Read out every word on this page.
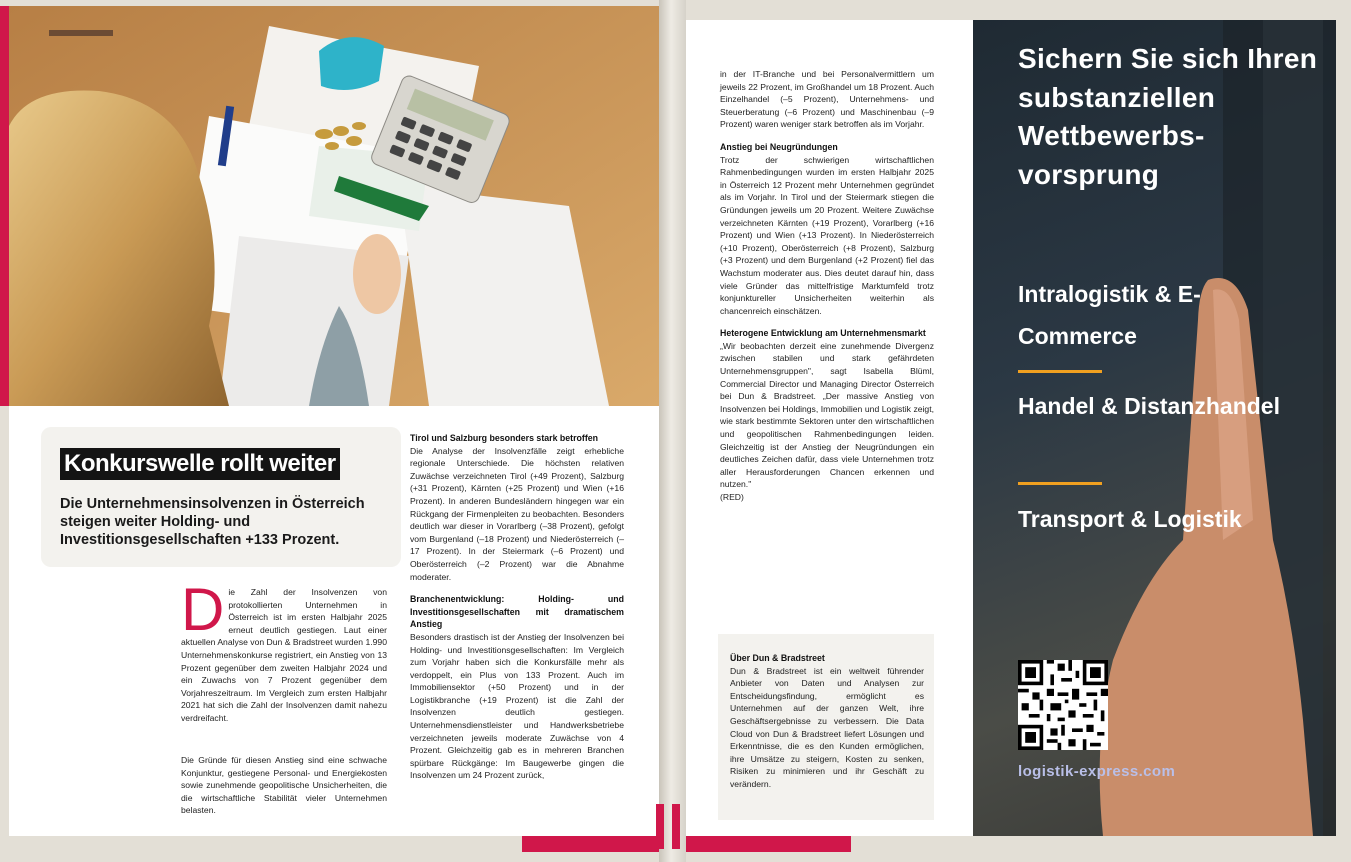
Konkurswelle rollt weiter
Die Unternehmensinsolvenzen in Österreich steigen weiter Holding- und Investitionsgesellschaften +133 Prozent.

Die Zahl der Insolvenzen von protokollierten Unternehmen in Österreich ist im ersten Halbjahr 2025 erneut deutlich gestiegen. Laut einer aktuellen Analyse von Dun & Bradstreet wurden 1.990 Unternehmenskonkurse registriert, ein Anstieg von 13 Prozent gegenüber dem zweiten Halbjahr 2024 und ein Zuwachs von 7 Prozent gegenüber dem Vorjahreszeitraum. Im Vergleich zum ersten Halbjahr 2021 hat sich die Zahl der Insolvenzen damit nahezu verdreifacht.

Die Gründe für diesen Anstieg sind eine schwache Konjunktur, gestiegene Personal- und Energiekosten sowie zunehmende geopolitische Unsicherheiten, die die wirtschaftliche Stabilität vieler Unternehmen belasten.

Tirol und Salzburg besonders stark betroffen

Die Analyse der Insolvenzfälle zeigt erhebliche regionale Unterschiede. Die höchsten relativen Zuwächse verzeichneten Tirol (+49 Prozent), Salzburg (+31 Prozent), Kärnten (+25 Prozent) und Wien (+16 Prozent). In anderen Bundesländern hingegen war ein Rückgang der Firmenpleiten zu beobachten. Besonders deutlich war dieser in Vorarlberg (–38 Prozent), gefolgt vom Burgenland (–18 Prozent) und Niederösterreich (–17 Prozent). In der Steiermark (–6 Prozent) und Oberösterreich (–2 Prozent) war die Abnahme moderater.

Branchenentwicklung: Holding- und Investitionsgesellschaften mit dramatischem Anstieg

Besonders drastisch ist der Anstieg der Insolvenzen bei Holding- und Investitionsgesellschaften: Im Vergleich zum Vorjahr haben sich die Konkursfälle mehr als verdoppelt, ein Plus von 133 Prozent. Auch im Immobiliensektor (+50 Prozent) und in der Logistikbranche (+19 Prozent) ist die Zahl der Insolvenzen deutlich gestiegen. Unternehmensdienstleister und Handwerksbetriebe verzeichneten jeweils moderate Zuwächse von 4 Prozent. Gleichzeitig gab es in mehreren Branchen spürbare Rückgänge: Im Baugewerbe gingen die Insolvenzen um 24 Prozent zurück,

in der IT-Branche und bei Personalvermittlern um jeweils 22 Prozent, im Großhandel um 18 Prozent. Auch Einzelhandel (–5 Prozent), Unternehmens- und Steuerberatung (–6 Prozent) und Maschinenbau (–9 Prozent) waren weniger stark betroffen als im Vorjahr.

Anstieg bei Neugründungen

Trotz der schwierigen wirtschaftlichen Rahmenbedingungen wurden im ersten Halbjahr 2025 in Österreich 12 Prozent mehr Unternehmen gegründet als im Vorjahr. In Tirol und der Steiermark stiegen die Gründungen jeweils um 20 Prozent. Weitere Zuwächse verzeichneten Kärnten (+19 Prozent), Vorarlberg (+16 Prozent) und Wien (+13 Prozent). In Niederösterreich (+10 Prozent), Oberösterreich (+8 Prozent), Salzburg (+3 Prozent) und dem Burgenland (+2 Prozent) fiel das Wachstum moderater aus. Dies deutet darauf hin, dass viele Gründer das mittelfristige Marktumfeld trotz konjunktureller Unsicherheiten weiterhin als chancenreich einschätzen.

Heterogene Entwicklung am Unternehmensmarkt

„Wir beobachten derzeit eine zunehmende Divergenz zwischen stabilen und stark gefährdeten Unternehmensgruppen", sagt Isabella Blüml, Commercial Director und Managing Director Österreich bei Dun & Bradstreet. „Der massive Anstieg von Insolvenzen bei Holdings, Immobilien und Logistik zeigt, wie stark bestimmte Sektoren unter den wirtschaftlichen und geopolitischen Rahmenbedingungen leiden. Gleichzeitig ist der Anstieg der Neugründungen ein deutliches Zeichen dafür, dass viele Unternehmen trotz aller Herausforderungen Chancen erkennen und nutzen."

(RED)

Über Dun & Bradstreet

Dun & Bradstreet ist ein weltweit führender Anbieter von Daten und Analysen zur Entscheidungsfindung, ermöglicht es Unternehmen auf der ganzen Welt, ihre Geschäftsergebnisse zu verbessern. Die Data Cloud von Dun & Bradstreet liefert Lösungen und Erkenntnisse, die es den Kunden ermöglichen, ihre Umsätze zu steigern, Kosten zu senken, Risiken zu minimieren und ihr Geschäft zu verändern.

Sichern Sie sich Ihren substanziellen Wettbewerbs-vorsprung
Intralogistik & E-Commerce
Handel & Distanzhandel
Transport & Logistik
logistik-express.com
